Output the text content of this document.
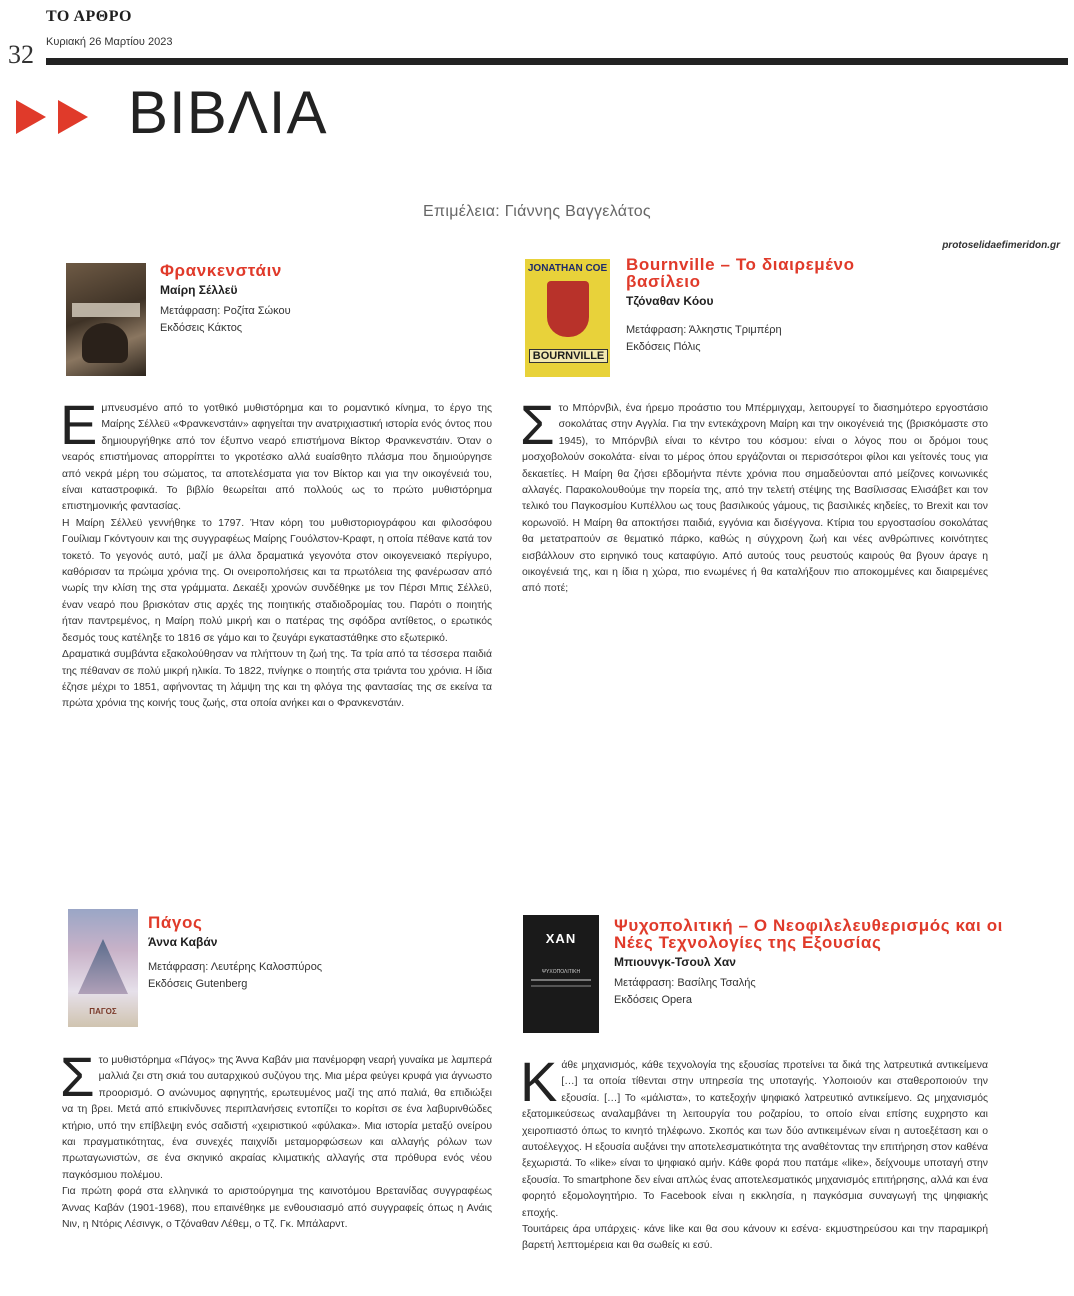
ΤΟ ΑΡΘΡΟ
32 Κυριακή 26 Μαρτίου 2023
ΒΙΒΛΙΑ
Επιμέλεια: Γιάννης Βαγγελάτος
protoselidaefimeridon.gr
Φρανκενστάιν
Μαίρη Σέλλεϋ
Μετάφραση: Ροζίτα Σώκου
Εκδόσεις Κάκτος

Εμπνευσμένο από το γοτθικό μυθιστόρημα και το ρομαντικό κίνημα, το έργο της Μαίρης Σέλλεϋ «Φρανκενστάιν» αφηγείται την ανατριχιαστική ιστορία ενός όντος που δημιουργήθηκε από τον έξυπνο νεαρό επιστήμονα Βίκτορ Φρανκενστάιν. Όταν ο νεαρός επιστήμονας απορρίπτει το γκροτέσκο αλλά ευαίσθητο πλάσμα που δημιούργησε από νεκρά μέρη του σώματος, τα αποτελέσματα για τον Βίκτορ και για την οικογένειά του, είναι καταστροφικά. Το βιβλίο θεωρείται από πολλούς ως το πρώτο μυθιστόρημα επιστημονικής φαντασίας.

Η Μαίρη Σέλλεϋ γεννήθηκε το 1797. Ήταν κόρη του μυθιστοριογράφου και φιλοσόφου Γουίλιαμ Γκόντγουιν και της συγγραφέως Μαίρης Γουόλστον-Κραφτ, η οποία πέθανε κατά τον τοκετό. Το γεγονός αυτό, μαζί με άλλα δραματικά γεγονότα στον οικογενειακό περίγυρο, καθόρισαν τα πρώιμα χρόνια της. Οι ονειροπολήσεις και τα πρωτόλεια της φανέρωσαν από νωρίς την κλίση της στα γράμματα. Δεκαέξι χρονών συνδέθηκε με τον Πέρσι Μπις Σέλλεϋ, έναν νεαρό που βρισκόταν στις αρχές της ποιητικής σταδιοδρομίας του. Παρότι ο ποιητής ήταν παντρεμένος, η Μαίρη πολύ μικρή και ο πατέρας της σφόδρα αντίθετος, ο ερωτικός δεσμός τους κατέληξε το 1816 σε γάμο και το ζευγάρι εγκαταστάθηκε στο εξωτερικό.

Δραματικά συμβάντα εξακολούθησαν να πλήττουν τη ζωή της. Τα τρία από τα τέσσερα παιδιά της πέθαναν σε πολύ μικρή ηλικία. Το 1822, πνίγηκε ο ποιητής στα τριάντα του χρόνια. Η ίδια έζησε μέχρι το 1851, αφήνοντας τη λάμψη της και τη φλόγα της φαντασίας της σε εκείνα τα πρώτα χρόνια της κοινής τους ζωής, στα οποία ανήκει και ο Φρανκενστάιν.

JONATHAN COE
BOURNVILLE
Bournville – Το διαιρεμένο βασίλειο
Τζόναθαν Κόου
Μετάφραση: Άλκηστις Τριμπέρη
Εκδόσεις Πόλις

Στο Μπόρνβιλ, ένα ήρεμο προάστιο του Μπέρμιγχαμ, λειτουργεί το διασημότερο εργοστάσιο σοκολάτας στην Αγγλία. Για την εντεκάχρονη Μαίρη και την οικογένειά της (βρισκόμαστε στο 1945), το Μπόρνβιλ είναι το κέντρο του κόσμου: είναι ο λόγος που οι δρόμοι τους μοσχοβολούν σοκολάτα· είναι το μέρος όπου εργάζονται οι περισσότεροι φίλοι και γείτονές τους για δεκαετίες. Η Μαίρη θα ζήσει εβδομήντα πέντε χρόνια που σημαδεύονται από μείζονες κοινωνικές αλλαγές. Παρακολουθούμε την πορεία της, από την τελετή στέψης της Βασίλισσας Ελισάβετ και τον τελικό του Παγκοσμίου Κυπέλλου ως τους βασιλικούς γάμους, τις βασιλικές κηδείες, το Brexit και τον κορωνοϊό. Η Μαίρη θα αποκτήσει παιδιά, εγγόνια και δισέγγονα. Κτίρια του εργοστασίου σοκολάτας θα μετατραπούν σε θεματικό πάρκο, καθώς η σύγχρονη ζωή και νέες ανθρώπινες κοινότητες εισβάλλουν στο ειρηνικό τους καταφύγιο. Από αυτούς τους ρευστούς καιρούς θα βγουν άραγε η οικογένειά της, και η ίδια η χώρα, πιο ενωμένες ή θα καταλήξουν πιο αποκομμένες και διαιρεμένες από ποτέ;

ΠΑΓΟΣ
Πάγος
Άννα Καβάν
Μετάφραση: Λευτέρης Καλοσπύρος
Εκδόσεις Gutenberg

Στο μυθιστόρημα «Πάγος» της Άννα Καβάν μια πανέμορφη νεαρή γυναίκα με λαμπερά μαλλιά ζει στη σκιά του αυταρχικού συζύγου της. Μια μέρα φεύγει κρυφά για άγνωστο προορισμό. Ο ανώνυμος αφηγητής, ερωτευμένος μαζί της από παλιά, θα επιδιώξει να τη βρει. Μετά από επικίνδυνες περιπλανήσεις εντοπίζει το κορίτσι σε ένα λαβυρινθώδες κτήριο, υπό την επίβλεψη ενός σαδιστή «χειριστικού «φύλακα». Μια ιστορία μεταξύ ονείρου και πραγματικότητας, ένα συνεχές παιχνίδι μεταμορφώσεων και αλλαγής ρόλων των πρωταγωνιστών, σε ένα σκηνικό ακραίας κλιματικής αλλαγής στα πρόθυρα ενός νέου παγκόσμιου πολέμου.

Για πρώτη φορά στα ελληνικά το αριστούργημα της καινοτόμου Βρετανίδας συγγραφέως Άννας Καβάν (1901-1968), που επαινέθηκε με ενθουσιασμό από συγγραφείς όπως η Ανάις Νιν, η Ντόρις Λέσινγκ, ο Τζόναθαν Λέθεμ, ο Τζ. Γκ. Μπάλαρντ.

ΧΑΝ
ΨΥΧΟΠΟΛΙΤΙΚΗ
Ψυχοπολιτική – Ο Νεοφιλελευθερισμός και οι Νέες Τεχνολογίες της Εξουσίας
Μπιουνγκ-Τσουλ Χαν
Μετάφραση: Βασίλης Τσαλής
Εκδόσεις Opera

Κάθε μηχανισμός, κάθε τεχνολογία της εξουσίας προτείνει τα δικά της λατρευτικά αντικείμενα […] τα οποία τίθενται στην υπηρεσία της υποταγής. Υλοποιούν και σταθεροποιούν την εξουσία. […] Το «μάλιστα», το κατεξοχήν ψηφιακό λατρευτικό αντικείμενο. Ως μηχανισμός εξατομικεύσεως αναλαμβάνει τη λειτουργία του ροζαρίου, το οποίο είναι επίσης ευχρηστο και χειροπιαστό όπως το κινητό τηλέφωνο. Σκοπός και των δύο αντικειμένων είναι η αυτοεξέταση και ο αυτοέλεγχος. Η εξουσία αυξάνει την αποτελεσματικότητα της αναθέτοντας την επιτήρηση στον καθένα ξεχωριστά. Το «like» είναι το ψηφιακό αμήν. Κάθε φορά που πατάμε «like», δείχνουμε υποταγή στην εξουσία. Το smartphone δεν είναι απλώς ένας αποτελεσματικός μηχανισμός επιτήρησης, αλλά και ένα φορητό εξομολογητήριο. Το Facebook είναι η εκκλησία, η παγκόσμια συναγωγή της ψηφιακής εποχής.

Τουιτάρεις άρα υπάρχεις· κάνε like και θα σου κάνουν κι εσένα· εκμυστηρεύσου και την παραμικρή βαρετή λεπτομέρεια και θα σωθείς κι εσύ.
